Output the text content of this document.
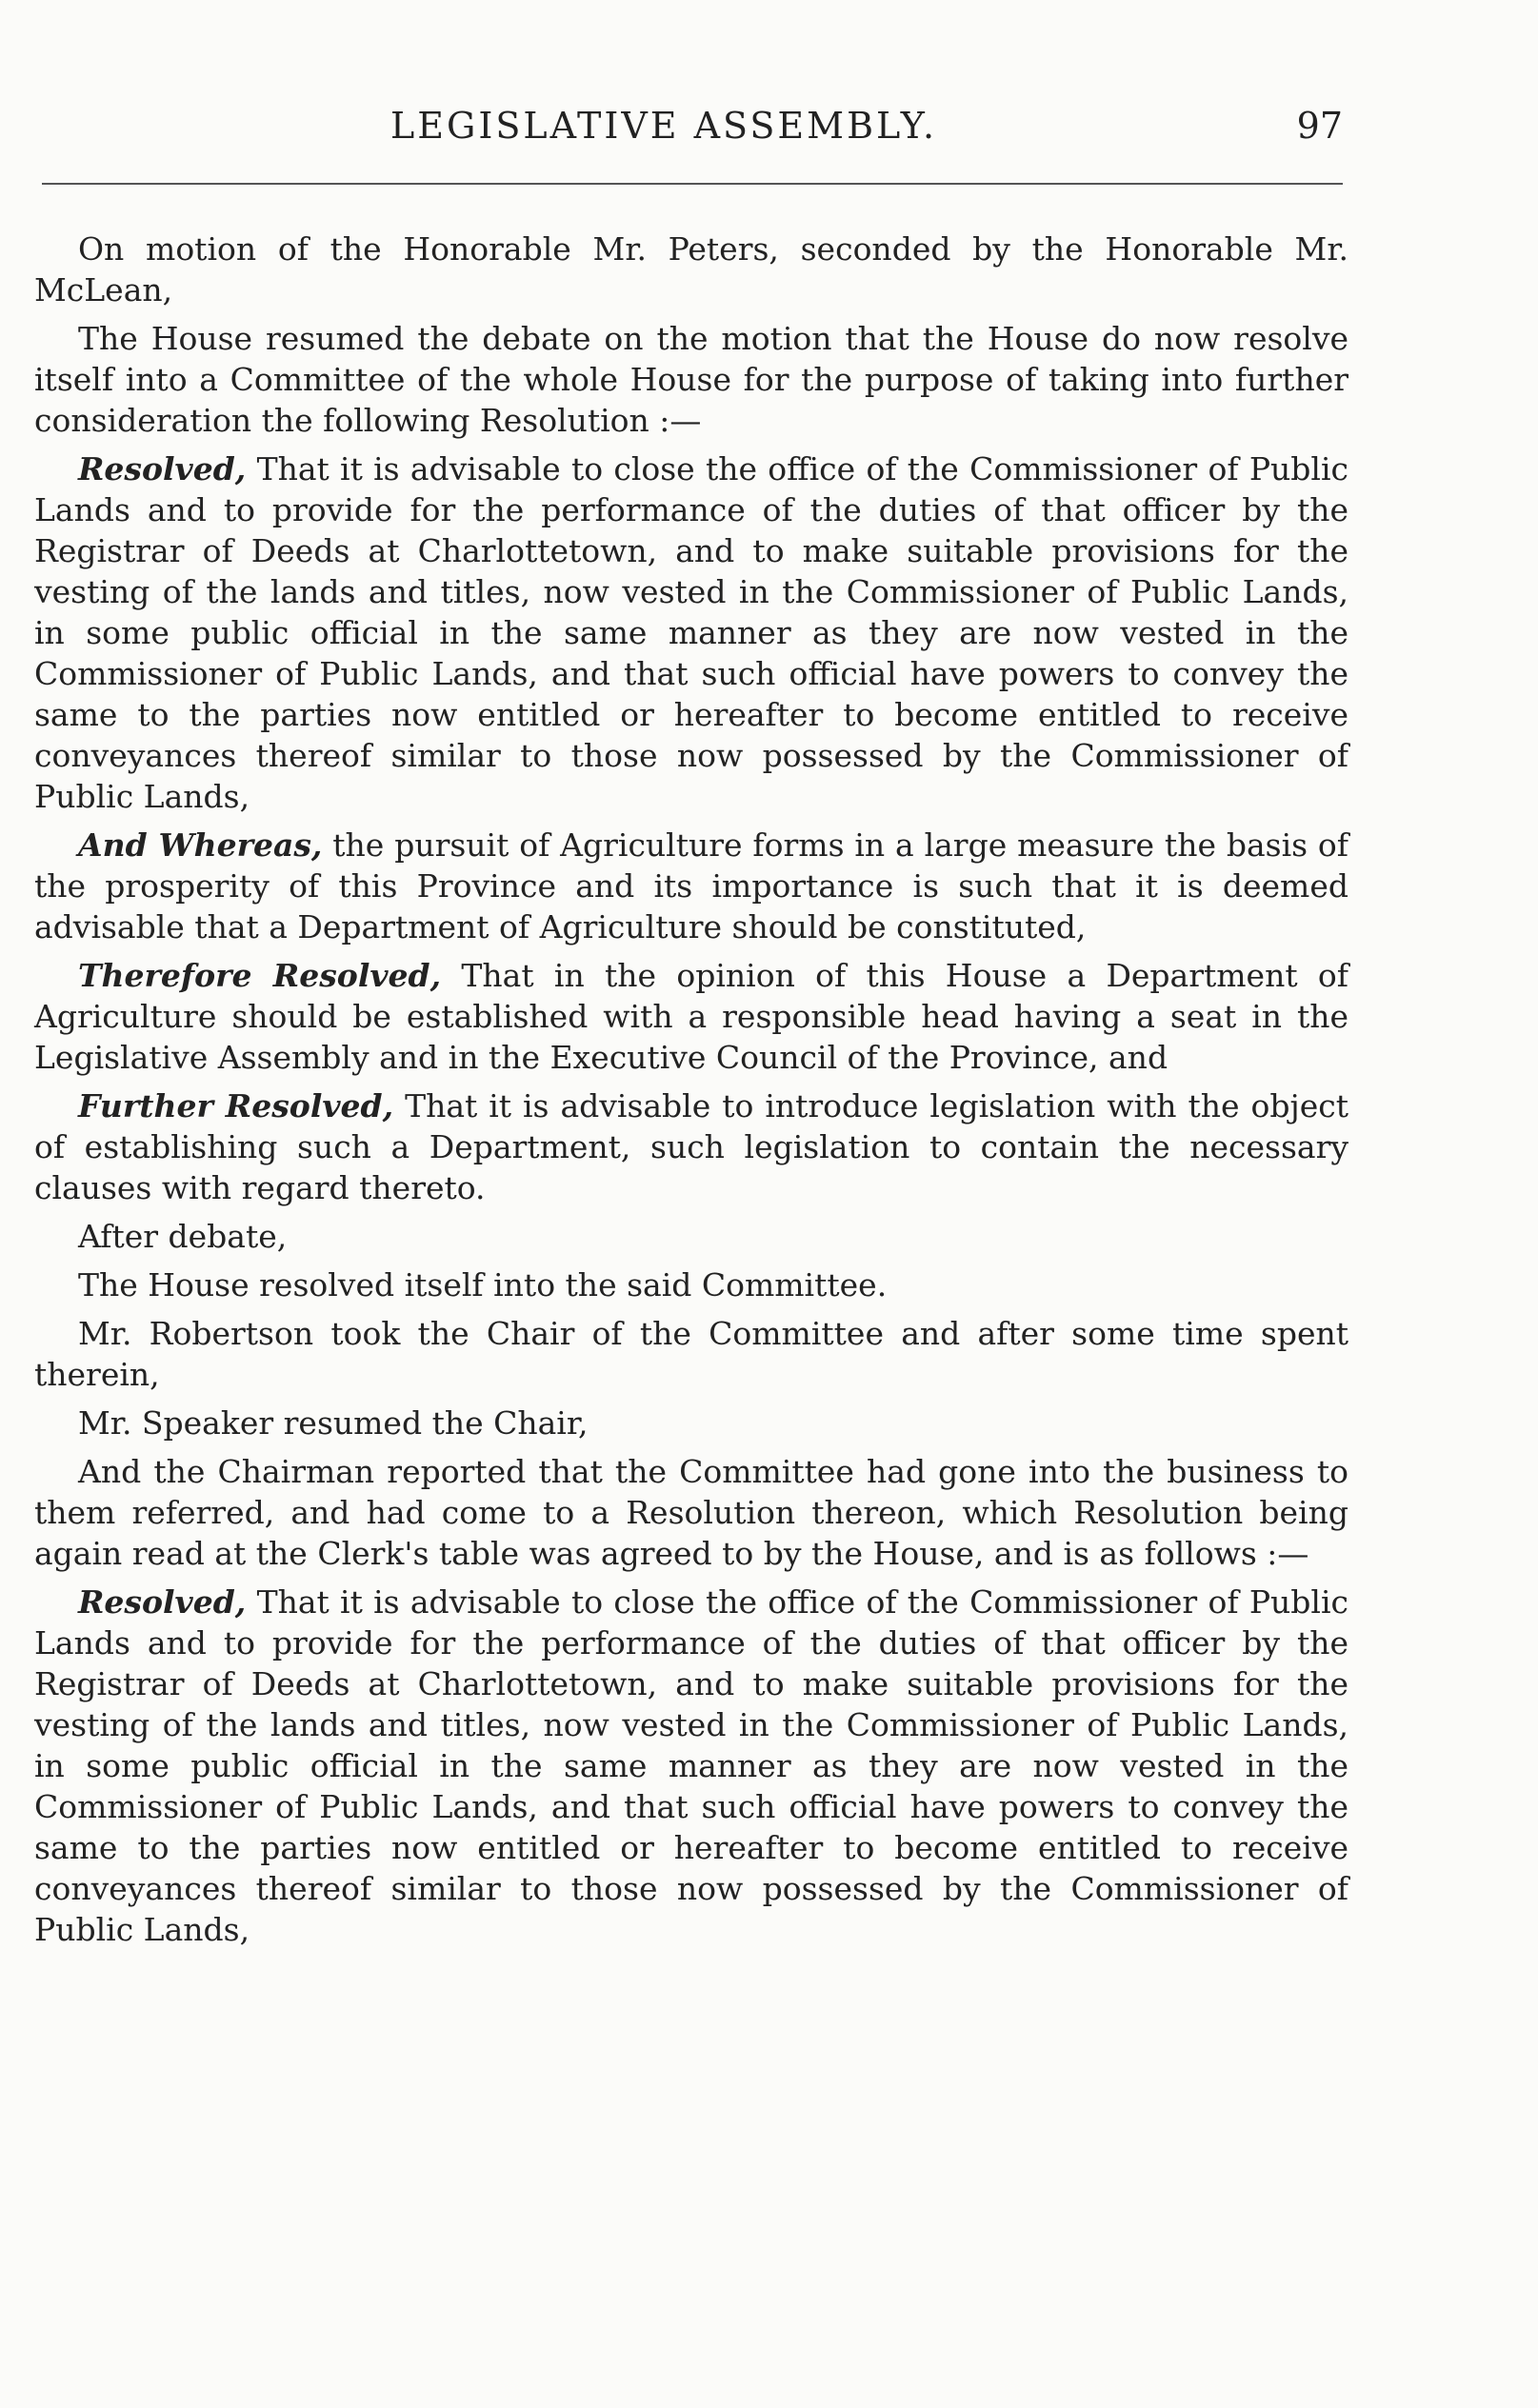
LEGISLATIVE ASSEMBLY.	97

On motion of the Honorable Mr. Peters, seconded by the Honorable Mr. McLean,

The House resumed the debate on the motion that the House do now resolve itself into a Committee of the whole House for the purpose of taking into further consideration the following Resolution :—

Resolved, That it is advisable to close the office of the Commissioner of Public Lands and to provide for the performance of the duties of that officer by the Registrar of Deeds at Charlottetown, and to make suitable provisions for the vesting of the lands and titles, now vested in the Commissioner of Public Lands, in some public official in the same manner as they are now vested in the Commissioner of Public Lands, and that such official have powers to convey the same to the parties now entitled or hereafter to become entitled to receive conveyances thereof similar to those now possessed by the Commissioner of Public Lands,

And Whereas, the pursuit of Agriculture forms in a large measure the basis of the prosperity of this Province and its importance is such that it is deemed advisable that a Department of Agriculture should be constituted,

Therefore Resolved, That in the opinion of this House a Department of Agriculture should be established with a responsible head having a seat in the Legislative Assembly and in the Executive Council of the Province, and

Further Resolved, That it is advisable to introduce legislation with the object of establishing such a Department, such legislation to contain the necessary clauses with regard thereto.

After debate,

The House resolved itself into the said Committee.

Mr. Robertson took the Chair of the Committee and after some time spent therein,

Mr. Speaker resumed the Chair,

And the Chairman reported that the Committee had gone into the business to them referred, and had come to a Resolution thereon, which Resolution being again read at the Clerk's table was agreed to by the House, and is as follows :—

Resolved, That it is advisable to close the office of the Commissioner of Public Lands and to provide for the performance of the duties of that officer by the Registrar of Deeds at Charlottetown, and to make suitable provisions for the vesting of the lands and titles, now vested in the Commissioner of Public Lands, in some public official in the same manner as they are now vested in the Commissioner of Public Lands, and that such official have powers to convey the same to the parties now entitled or hereafter to become entitled to receive conveyances thereof similar to those now possessed by the Commissioner of Public Lands,
